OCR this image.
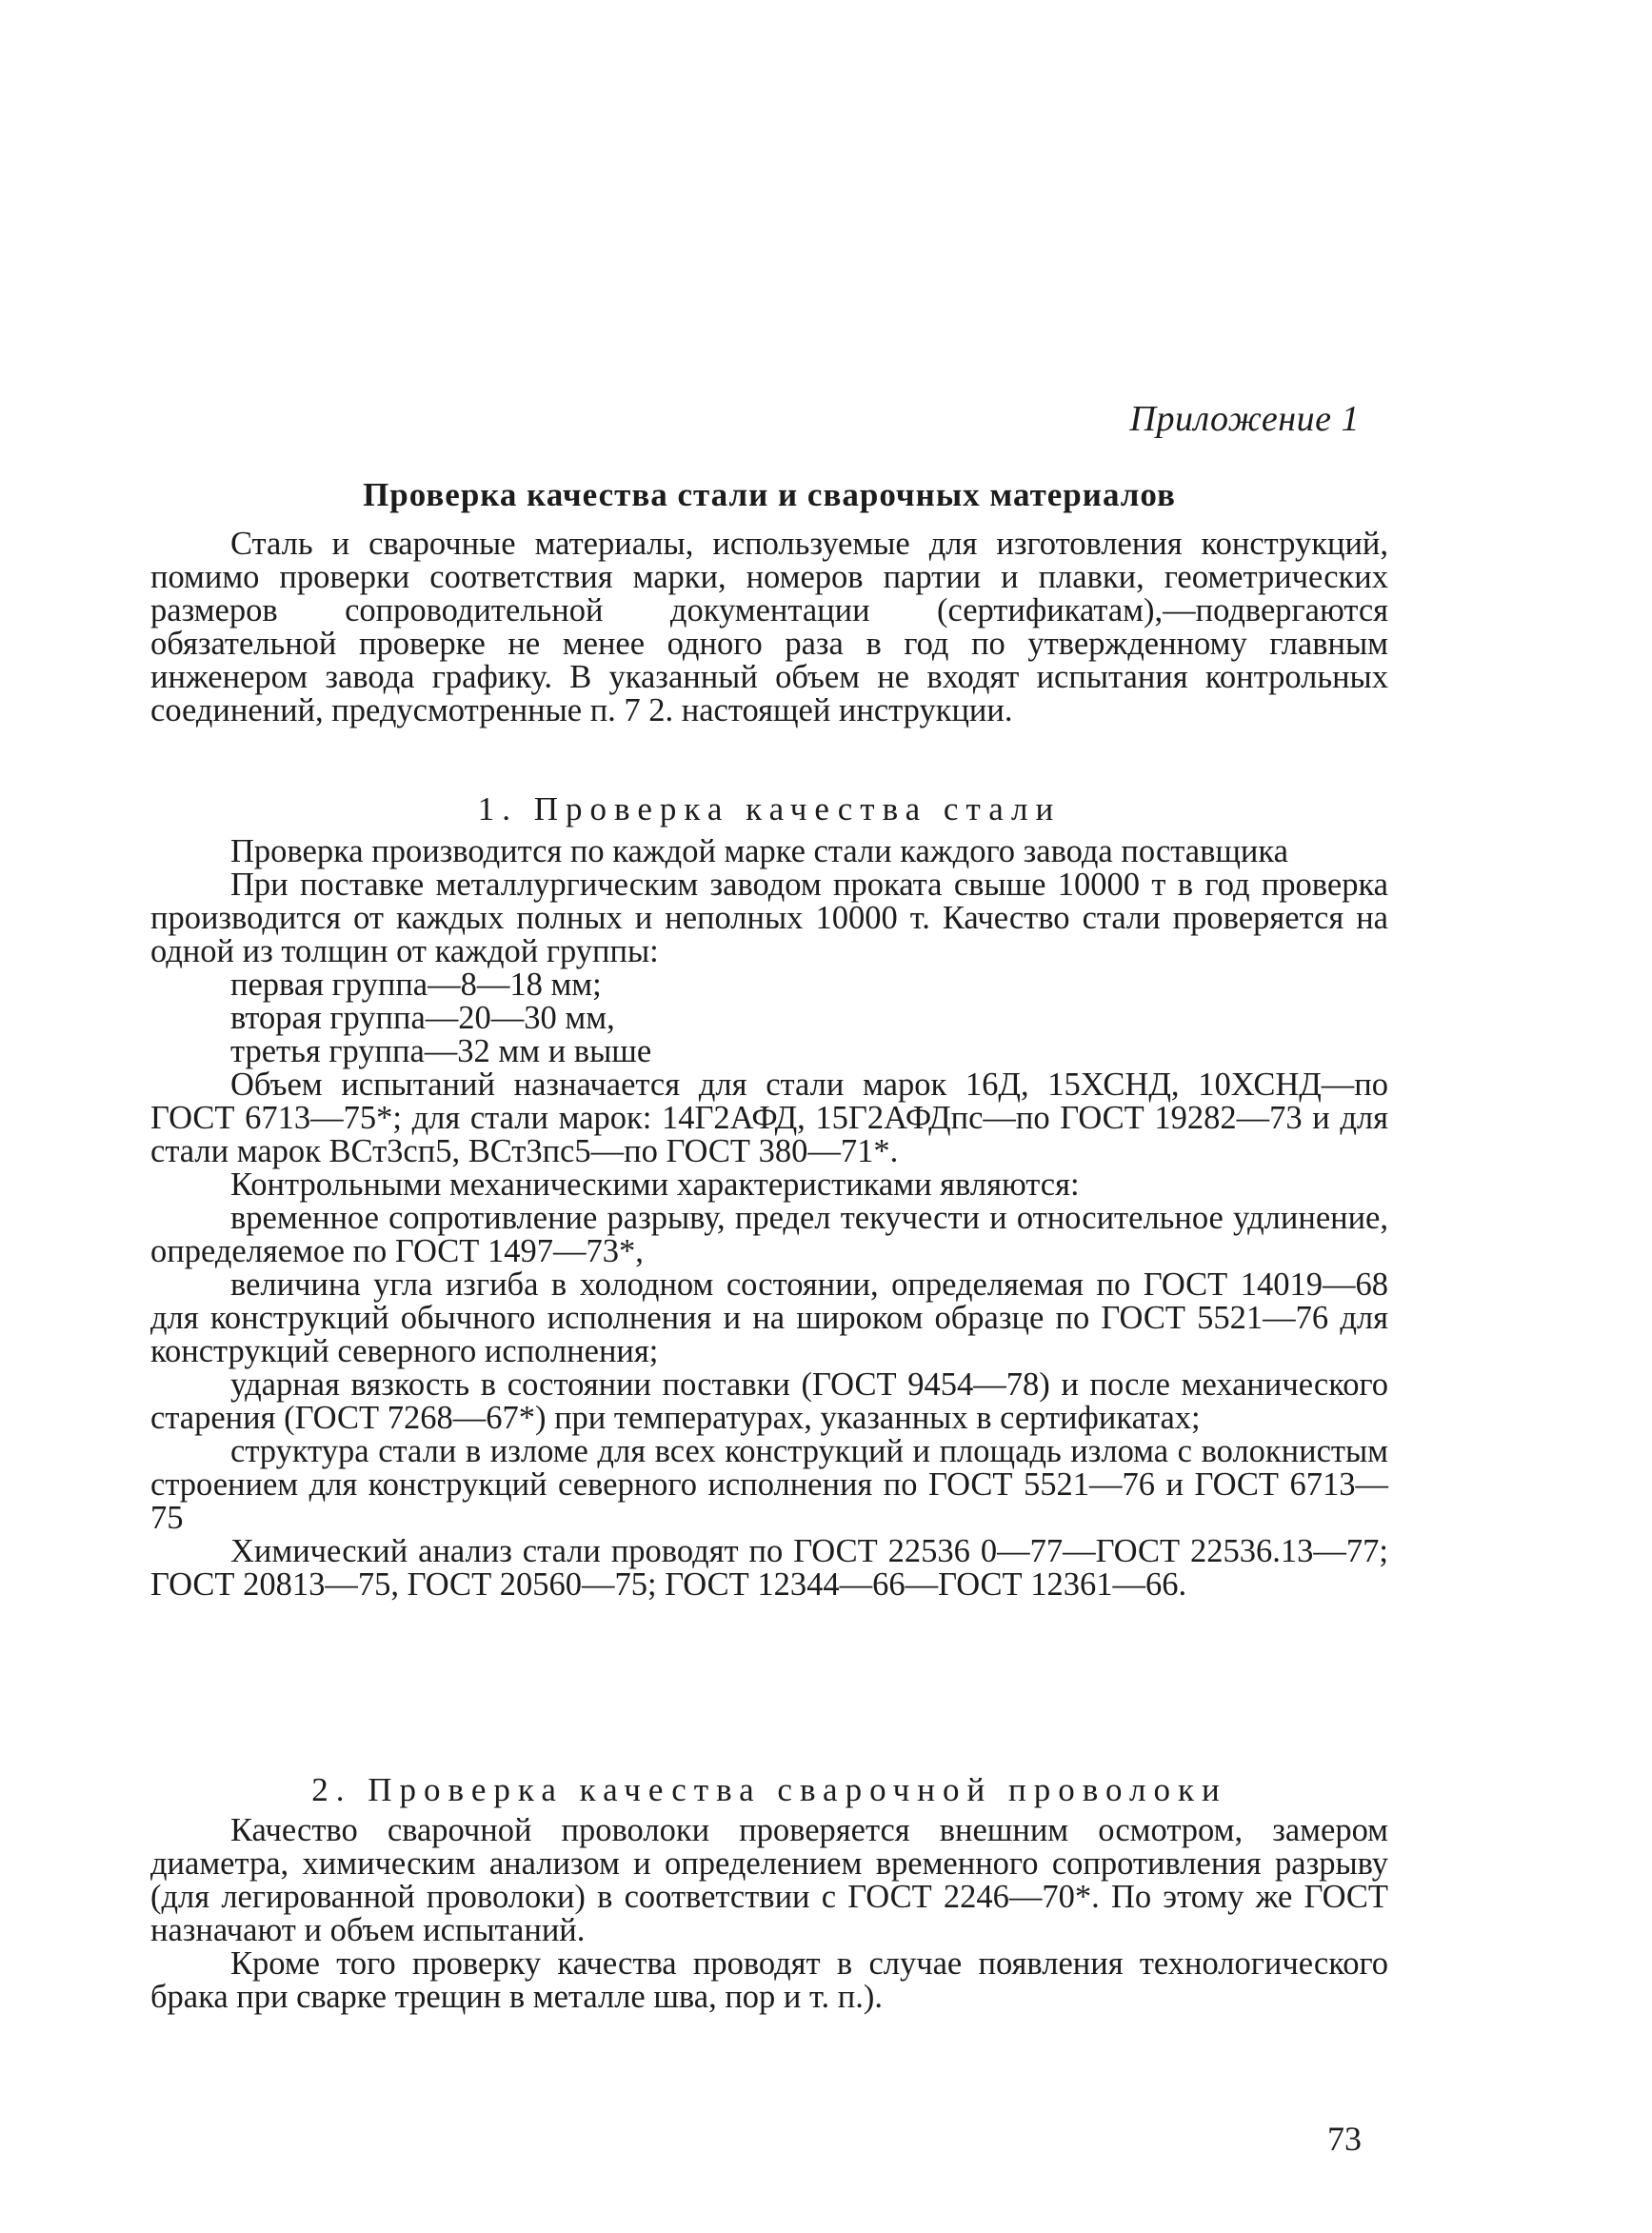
Приложение 1
Проверка качества стали и сварочных материалов

Сталь и сварочные материалы, используемые для изготовления конструкций, помимо проверки соответствия марки, номеров партии и плавки, геометрических размеров сопроводительной документации (сертификатам),—подвергаются обязательной проверке не менее одного раза в год по утвержденному главным инженером завода графику. В указанный объем не входят испытания контрольных соединений, предусмотренные п. 7 2. настоящей инструкции.

1. Проверка качества стали

Проверка производится по каждой марке стали каждого завода поставщика

При поставке металлургическим заводом проката свыше 10000 т в год проверка производится от каждых полных и неполных 10000 т. Качество стали проверяется на одной из толщин от каждой группы:

первая группа—8—18 мм;

вторая группа—20—30 мм,

третья группа—32 мм и выше

Объем испытаний назначается для стали марок 16Д, 15ХСНД, 10ХСНД—по ГОСТ 6713—75*; для стали марок: 14Г2АФД, 15Г2АФДпс—по ГОСТ 19282—73 и для стали марок ВСт3сп5, ВСт3пс5—по ГОСТ 380—71*.

Контрольными механическими характеристиками являются:

временное сопротивление разрыву, предел текучести и относительное удлинение, определяемое по ГОСТ 1497—73*,

величина угла изгиба в холодном состоянии, определяемая по ГОСТ 14019—68 для конструкций обычного исполнения и на широком образце по ГОСТ 5521—76 для конструкций северного исполнения;

ударная вязкость в состоянии поставки (ГОСТ 9454—78) и после механического старения (ГОСТ 7268—67*) при температурах, указанных в сертификатах;

структура стали в изломе для всех конструкций и площадь излома с волокнистым строением для конструкций северного исполнения по ГОСТ 5521—76 и ГОСТ 6713—75

Химический анализ стали проводят по ГОСТ 22536 0—77—ГОСТ 22536.13—77; ГОСТ 20813—75, ГОСТ 20560—75; ГОСТ 12344—66—ГОСТ 12361—66.

2. Проверка качества сварочной проволоки

Качество сварочной проволоки проверяется внешним осмотром, замером диаметра, химическим анализом и определением временного сопротивления разрыву (для легированной проволоки) в соответствии с ГОСТ 2246—70*. По этому же ГОСТ назначают и объем испытаний.

Кроме того проверку качества проводят в случае появления технологического брака при сварке трещин в металле шва, пор и т. п.).

73
